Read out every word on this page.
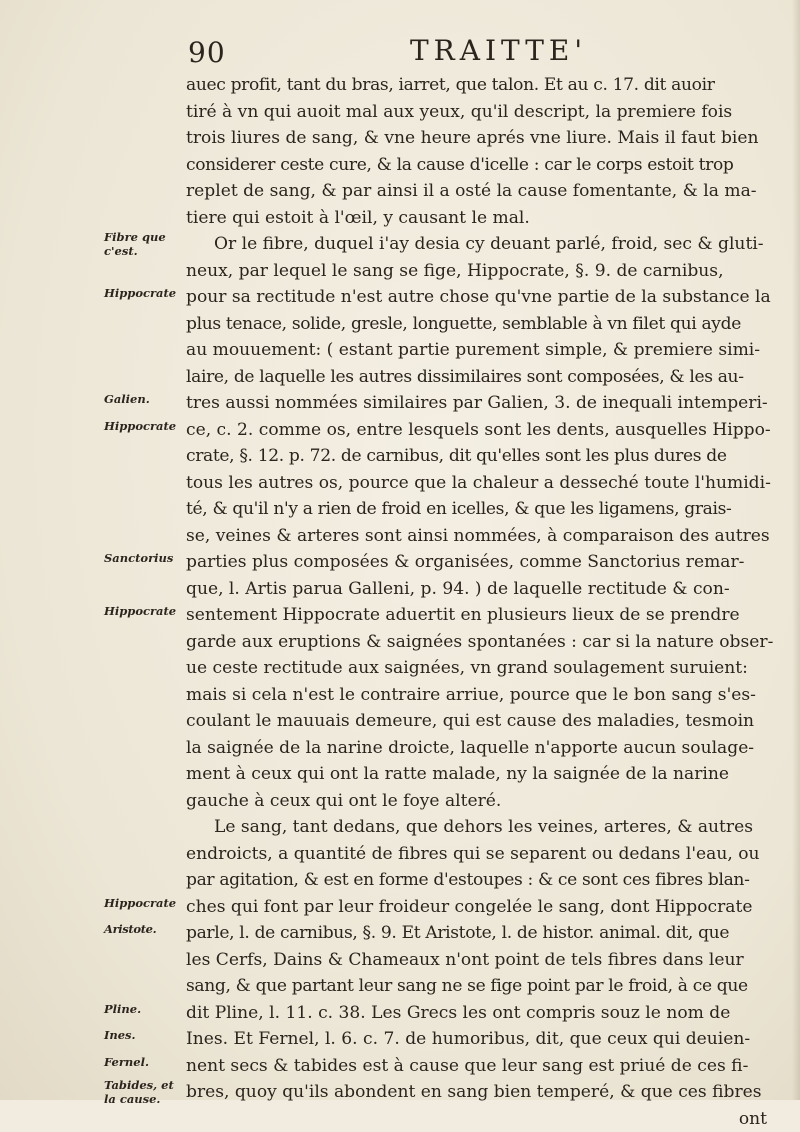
90	TRAITTE'
auec profit, tant du bras, iarret, que talon. Et au c. 17. dit auoir
tiré à vn qui auoit mal aux yeux, qu'il descript, la premiere fois
trois liures de sang, & vne heure aprés vne liure. Mais il faut bien
considerer ceste cure, & la cause d'icelle : car le corps estoit trop
replet de sang, & par ainsi il a osté la cause fomentante, & la ma-
tiere qui estoit à l'œil, y causant le mal.
Or le fibre, duquel i'ay desia cy deuant parlé, froid, sec & gluti-
Fibre que c'est.
neux, par lequel le sang se fige, Hippocrate, §. 9. de carnibus,
pour sa rectitude n'est autre chose qu'vne partie de la substance la
Hippocrate
plus tenace, solide, gresle, longuette, semblable à vn filet qui ayde
au mouuement: ( estant partie purement simple, & premiere simi-
laire, de laquelle les autres dissimilaires sont composées, & les au-
tres aussi nommées similaires par Galien, 3. de inequali intemperi-
Galien.
ce, c. 2. comme os, entre lesquels sont les dents, ausquelles Hippo-
Hippocrate
crate, §. 12. p. 72. de carnibus, dit qu'elles sont les plus dures de
tous les autres os, pource que la chaleur a desseché toute l'humidi-
té, & qu'il n'y a rien de froid en icelles, & que les ligamens, grais-
se, veines & arteres sont ainsi nommées, à comparaison des autres
parties plus composées & organisées, comme Sanctorius remar-
Sanctorius
que, l. Artis parua Galleni, p. 94. ) de laquelle rectitude & con-
sentement Hippocrate aduertit en plusieurs lieux de se prendre
Hippocrate
garde aux eruptions & saignées spontanées : car si la nature obser-
ue ceste rectitude aux saignées, vn grand soulagement suruient:
mais si cela n'est le contraire arriue, pource que le bon sang s'es-
coulant le mauuais demeure, qui est cause des maladies, tesmoin
la saignée de la narine droicte, laquelle n'apporte aucun soulage-
ment à ceux qui ont la ratte malade, ny la saignée de la narine
gauche à ceux qui ont le foye alteré.
Le sang, tant dedans, que dehors les veines, arteres, & autres
endroicts, a quantité de fibres qui se separent ou dedans l'eau, ou
par agitation, & est en forme d'estoupes : & ce sont ces fibres blan-
ches qui font par leur froideur congelée le sang, dont Hippocrate
Hippocrate
parle, l. de carnibus, §. 9. Et Aristote, l. de histor. animal. dit, que
Aristote.
les Cerfs, Dains & Chameaux n'ont point de tels fibres dans leur
sang, & que partant leur sang ne se fige point par le froid, à ce que
dit Pline, l. 11. c. 38. Les Grecs les ont compris souz le nom de
Pline.
Ines. Et Fernel, l. 6. c. 7. de humoribus, dit, que ceux qui deuien-
Ines.
nent secs & tabides est à cause que leur sang est priué de ces fi-
Fernel.
bres, quoy qu'ils abondent en sang bien temperé, & que ces fibres
Tabides, et la cause.
ont
